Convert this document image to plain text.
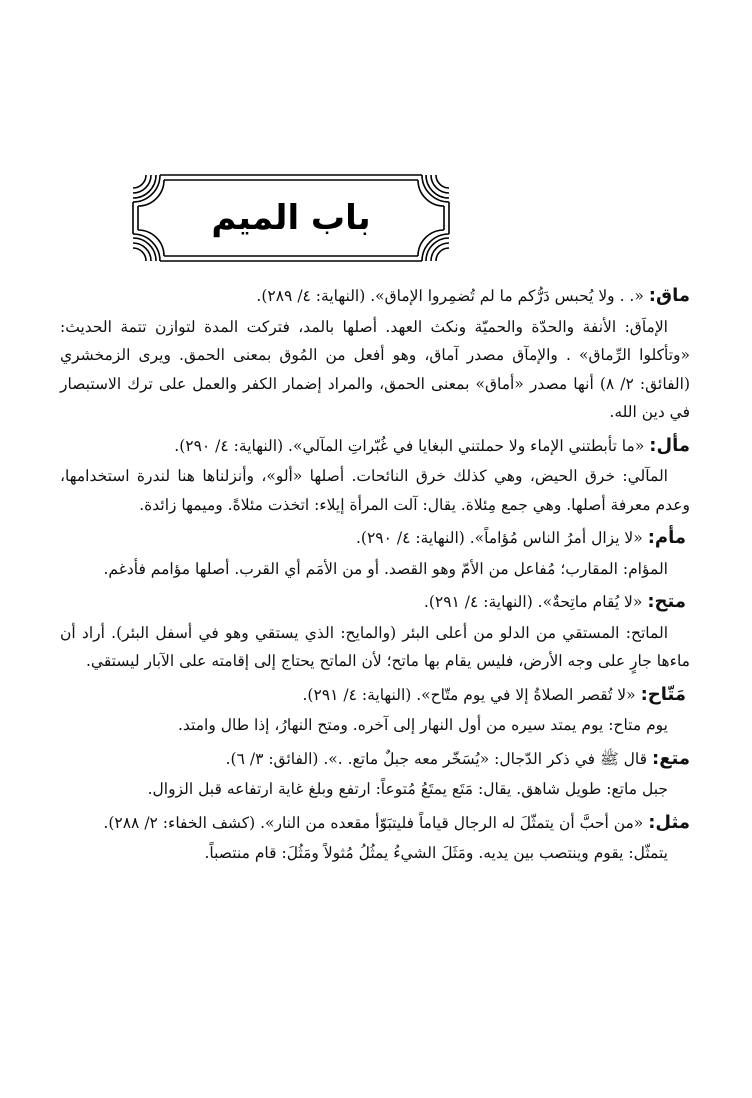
باب الميم

ماق: «. . ولا يُحبس دَرُّكم ما لم تُضمِروا الإماق». (النهاية: ٤/ ٢٨٩).

الإماَق: الأنفة والحدّة والحميّة ونكث العهد. أصلها بالمد، فتركت المدة لتوازن تتمة الحديث: «وتأكلوا الرِّماق» . والإمآق مصدر آماق، وهو أفعل من المُوق بمعنى الحمق. ويرى الزمخشري (الفائق: ٢/ ٨) أنها مصدر «أماق» بمعنى الحمق، والمراد إضمار الكفر والعمل على ترك الاستبصار في دين الله.

مأل: «ما تأبطتني الإماء ولا حملتني البغايا في غُبّراتِ المآلي». (النهاية: ٤/ ٢٩٠).

المآلي: خرق الحيض، وهي كذلك خرق النائحات. أصلها «ألو»، وأنزلناها هنا لندرة استخدامها، وعدم معرفة أصلها. وهي جمع مِئلاة. يقال: آلت المرأة إيلاء: اتخذت مئلاةً. وميمها زائدة.

مأم: «لا يزال أمرُ الناس مُؤاماً». (النهاية: ٤/ ٢٩٠).

المؤام: المقارب؛ مُفاعل من الأمّ وهو القصد. أو من الأمَم أي القرب. أصلها مؤامم فأدغم.

متح: «لا يُقام ماتِحةٌ». (النهاية: ٤/ ٢٩١).

الماتح: المستقي من الدلو من أعلى البئر (والمايح: الذي يستقي وهو في أسفل البئر). أراد أن ماءها جارٍ على وجه الأرض، فليس يقام بها ماتح؛ لأن الماتح يحتاج إلى إقامته على الآبار ليستقي.

مَتّاح: «لا تُقصر الصلاةُ إلا في يوم متّاح». (النهاية: ٤/ ٢٩١).

يوم متاح: يوم يمتد سيره من أول النهار إلى آخره. ومتح النهارُ، إذا طال وامتد.

متع: قال ﷺ في ذكر الدّجال: «يُسَخّر معه جبلٌ ماتع. .». (الفائق: ٣/ ٦).

جبل ماتع: طويل شاهق. يقال: مَتَع يمتَعُ مُتوعاً: ارتفع وبلغ غاية ارتفاعه قبل الزوال.

مثل: «من أحبَّ أن يتمثّلَ له الرجال قياماً فليتبَوّأ مقعده من النار». (كشف الخفاء: ٢/ ٢٨٨).

يتمثّل: يقوم وينتصب بين يديه. ومَثَلَ الشيءُ يمثُلُ مُثولاً ومَثُلَ: قام منتصباً.
